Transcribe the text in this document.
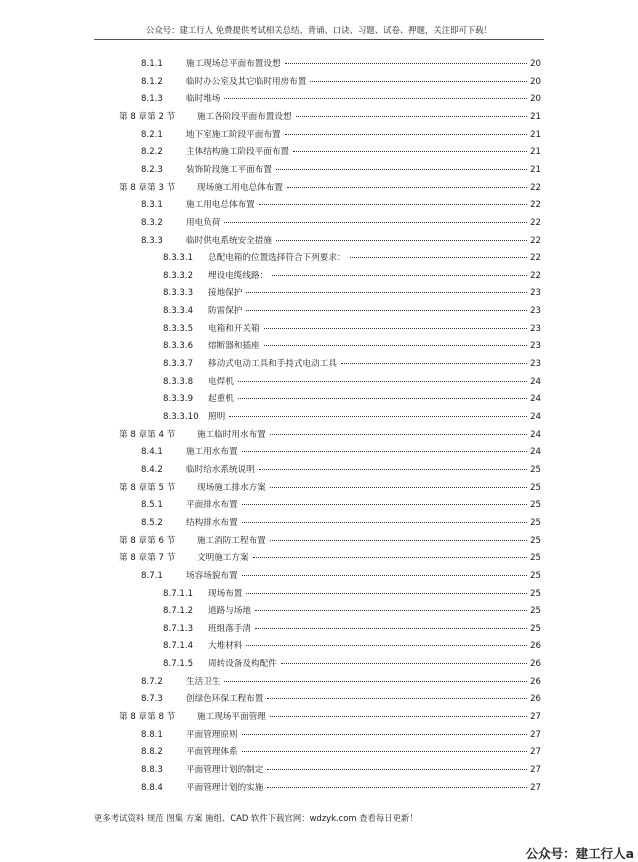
公众号：建工行人 免费提供考试相关总结、背诵、口诀、习题、试卷、押题，关注即可下载！
8.1.1	施工现场总平面布置设想	20
8.1.2	临时办公室及其它临时用房布置	20
8.1.3	临时堆场	20
第 8 章第 2 节	施工各阶段平面布置设想	21
8.2.1	地下室施工阶段平面布置	21
8.2.2	主体结构施工阶段平面布置	21
8.2.3	装饰阶段施工平面布置	21
第 8 章第 3 节	现场施工用电总体布置	22
8.3.1	施工用电总体布置	22
8.3.2	用电负荷	22
8.3.3	临时供电系统安全措施	22
8.3.3.1	总配电箱的位置选择符合下列要求：	22
8.3.3.2	埋设电缆线路：	22
8.3.3.3	接地保护	23
8.3.3.4	防雷保护	23
8.3.3.5	电箱和开关箱	23
8.3.3.6	熔断器和插座	23
8.3.3.7	移动式电动工具和手持式电动工具	23
8.3.3.8	电焊机	24
8.3.3.9	起重机	24
8.3.3.10	照明	24
第 8 章第 4 节	施工临时用水布置	24
8.4.1	施工用水布置	24
8.4.2	临时给水系统说明	25
第 8 章第 5 节	现场施工排水方案	25
8.5.1	平面排水布置	25
8.5.2	结构排水布置	25
第 8 章第 6 节	施工消防工程布置	25
第 8 章第 7 节	文明施工方案	25
8.7.1	场容场貌布置	25
8.7.1.1	现场布置	25
8.7.1.2	道路与场地	25
8.7.1.3	班组落手清	25
8.7.1.4	大堆材料	26
8.7.1.5	周转设备及构配件	26
8.7.2	生活卫生	26
8.7.3	创绿色环保工程布置	26
第 8 章第 8 节	施工现场平面管理	27
8.8.1	平面管理原则	27
8.8.2	平面管理体系	27
8.8.3	平面管理计划的制定	27
8.8.4	平面管理计划的实施	27
更多考试资料 规范 图集 方案 施组、CAD 软件下载官网：wdzyk.com 查看每日更新！
公众号：建工行人a
